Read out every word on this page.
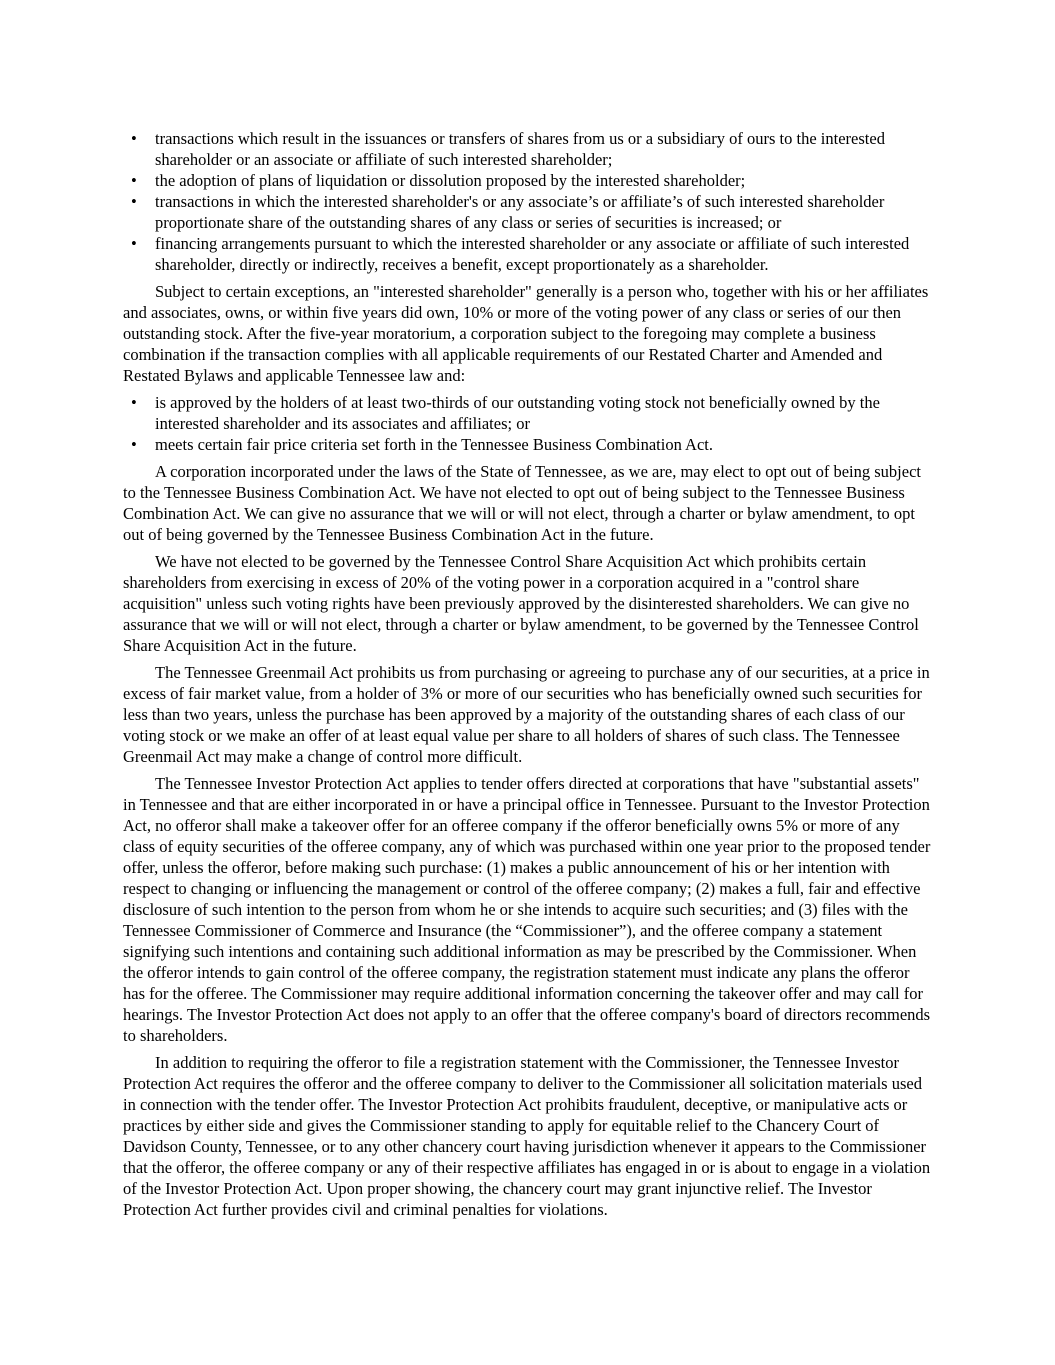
• transactions which result in the issuances or transfers of shares from us or a subsidiary of ours to the interested shareholder or an associate or affiliate of such interested shareholder;
• the adoption of plans of liquidation or dissolution proposed by the interested shareholder;
• transactions in which the interested shareholder's or any associate’s or affiliate’s of such interested shareholder proportionate share of the outstanding shares of any class or series of securities is increased; or
• financing arrangements pursuant to which the interested shareholder or any associate or affiliate of such interested shareholder, directly or indirectly, receives a benefit, except proportionately as a shareholder.

Subject to certain exceptions, an "interested shareholder" generally is a person who, together with his or her affiliates and associates, owns, or within five years did own, 10% or more of the voting power of any class or series of our then outstanding stock. After the five-year moratorium, a corporation subject to the foregoing may complete a business combination if the transaction complies with all applicable requirements of our Restated Charter and Amended and Restated Bylaws and applicable Tennessee law and:

• is approved by the holders of at least two-thirds of our outstanding voting stock not beneficially owned by the interested shareholder and its associates and affiliates; or
• meets certain fair price criteria set forth in the Tennessee Business Combination Act.

A corporation incorporated under the laws of the State of Tennessee, as we are, may elect to opt out of being subject to the Tennessee Business Combination Act. We have not elected to opt out of being subject to the Tennessee Business Combination Act. We can give no assurance that we will or will not elect, through a charter or bylaw amendment, to opt out of being governed by the Tennessee Business Combination Act in the future.

We have not elected to be governed by the Tennessee Control Share Acquisition Act which prohibits certain shareholders from exercising in excess of 20% of the voting power in a corporation acquired in a "control share acquisition" unless such voting rights have been previously approved by the disinterested shareholders. We can give no assurance that we will or will not elect, through a charter or bylaw amendment, to be governed by the Tennessee Control Share Acquisition Act in the future.

The Tennessee Greenmail Act prohibits us from purchasing or agreeing to purchase any of our securities, at a price in excess of fair market value, from a holder of 3% or more of our securities who has beneficially owned such securities for less than two years, unless the purchase has been approved by a majority of the outstanding shares of each class of our voting stock or we make an offer of at least equal value per share to all holders of shares of such class. The Tennessee Greenmail Act may make a change of control more difficult.

The Tennessee Investor Protection Act applies to tender offers directed at corporations that have "substantial assets" in Tennessee and that are either incorporated in or have a principal office in Tennessee. Pursuant to the Investor Protection Act, no offeror shall make a takeover offer for an offeree company if the offeror beneficially owns 5% or more of any class of equity securities of the offeree company, any of which was purchased within one year prior to the proposed tender offer, unless the offeror, before making such purchase: (1) makes a public announcement of his or her intention with respect to changing or influencing the management or control of the offeree company; (2) makes a full, fair and effective disclosure of such intention to the person from whom he or she intends to acquire such securities; and (3) files with the Tennessee Commissioner of Commerce and Insurance (the “Commissioner”), and the offeree company a statement signifying such intentions and containing such additional information as may be prescribed by the Commissioner. When the offeror intends to gain control of the offeree company, the registration statement must indicate any plans the offeror has for the offeree. The Commissioner may require additional information concerning the takeover offer and may call for hearings. The Investor Protection Act does not apply to an offer that the offeree company's board of directors recommends to shareholders.

In addition to requiring the offeror to file a registration statement with the Commissioner, the Tennessee Investor Protection Act requires the offeror and the offeree company to deliver to the Commissioner all solicitation materials used in connection with the tender offer. The Investor Protection Act prohibits fraudulent, deceptive, or manipulative acts or practices by either side and gives the Commissioner standing to apply for equitable relief to the Chancery Court of Davidson County, Tennessee, or to any other chancery court having jurisdiction whenever it appears to the Commissioner that the offeror, the offeree company or any of their respective affiliates has engaged in or is about to engage in a violation of the Investor Protection Act. Upon proper showing, the chancery court may grant injunctive relief. The Investor Protection Act further provides civil and criminal penalties for violations.
